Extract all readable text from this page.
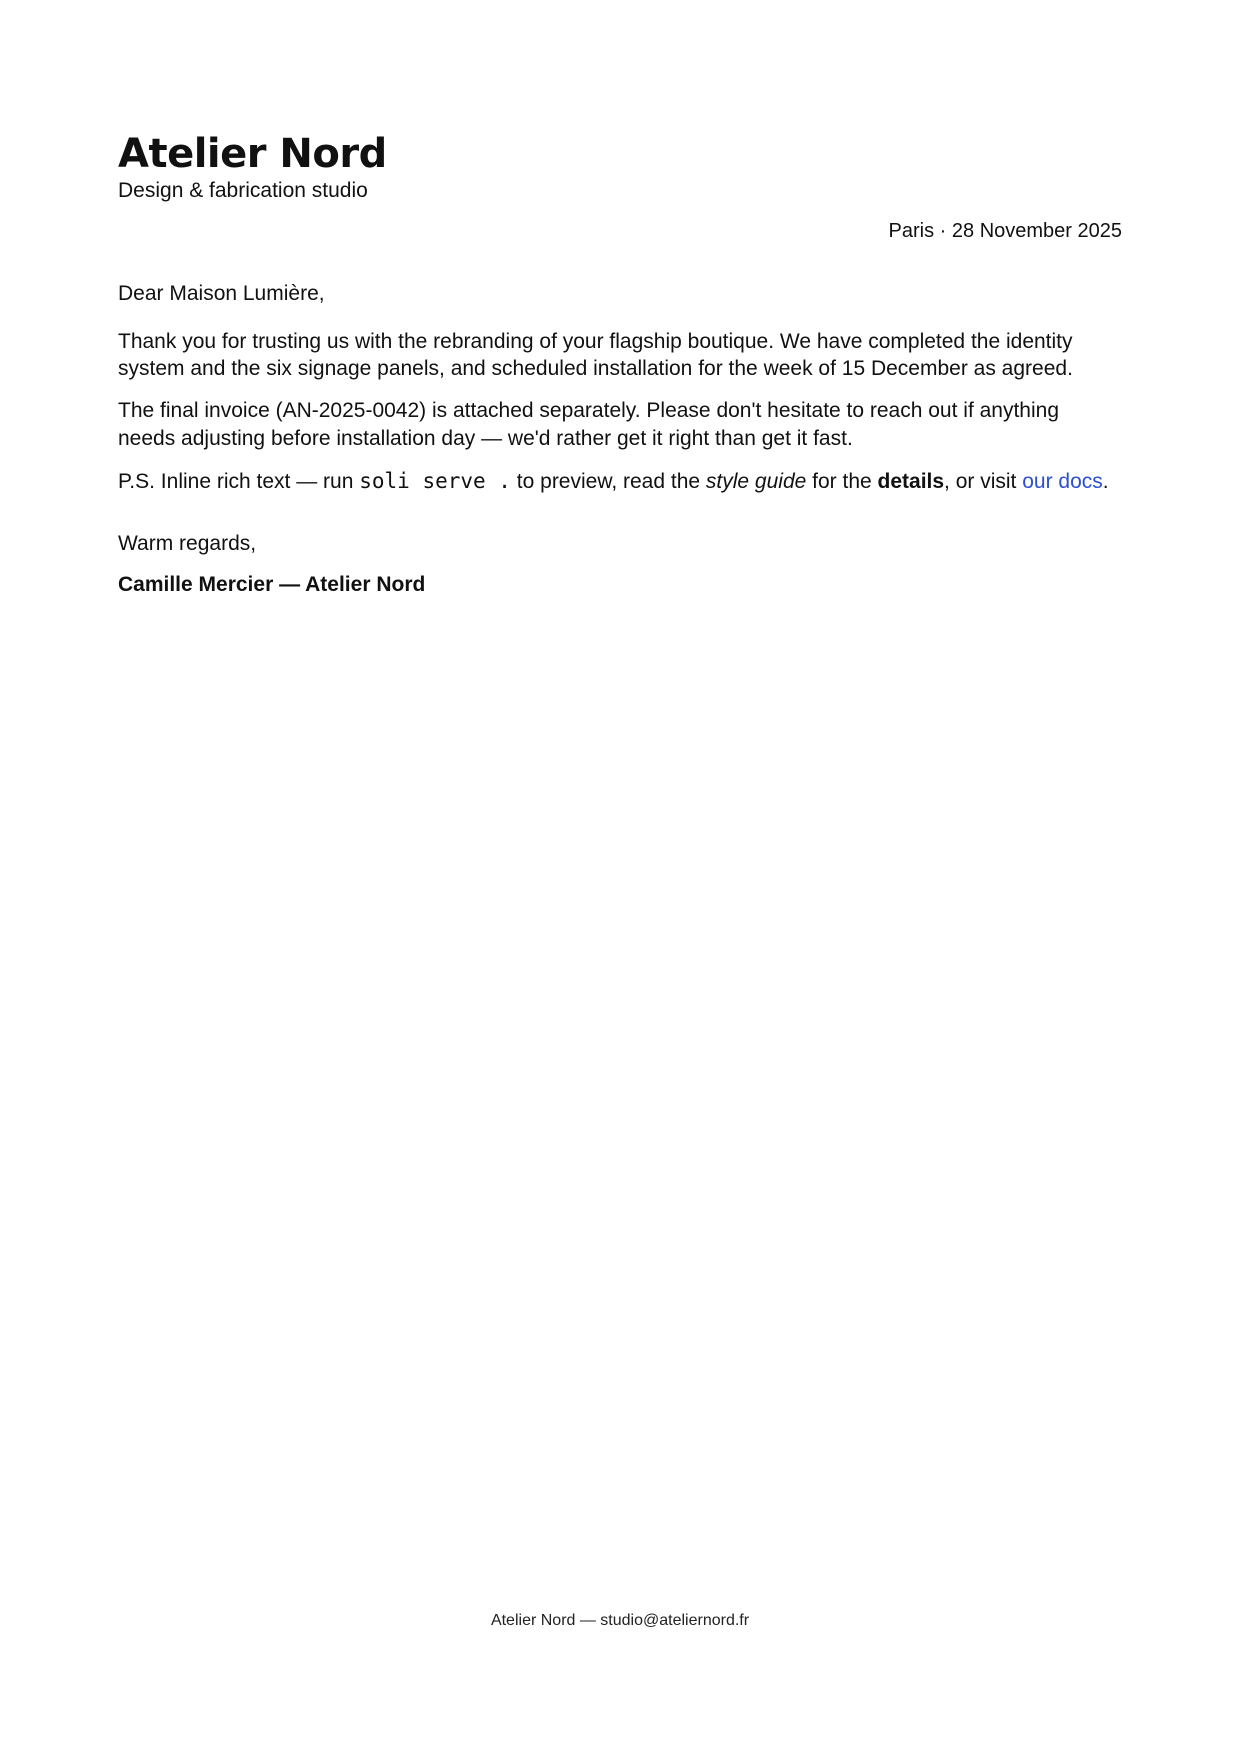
Atelier Nord
Design & fabrication studio
Paris · 28 November 2025
Dear Maison Lumière,

Thank you for trusting us with the rebranding of your flagship boutique. We have completed the identity system and the six signage panels, and scheduled installation for the week of 15 December as agreed.

The final invoice (AN-2025-0042) is attached separately. Please don't hesitate to reach out if anything needs adjusting before installation day — we'd rather get it right than get it fast.

P.S. Inline rich text — run soli serve . to preview, read the style guide for the details, or visit our docs.

Warm regards,
Camille Mercier — Atelier Nord
Atelier Nord — studio@ateliernord.fr
